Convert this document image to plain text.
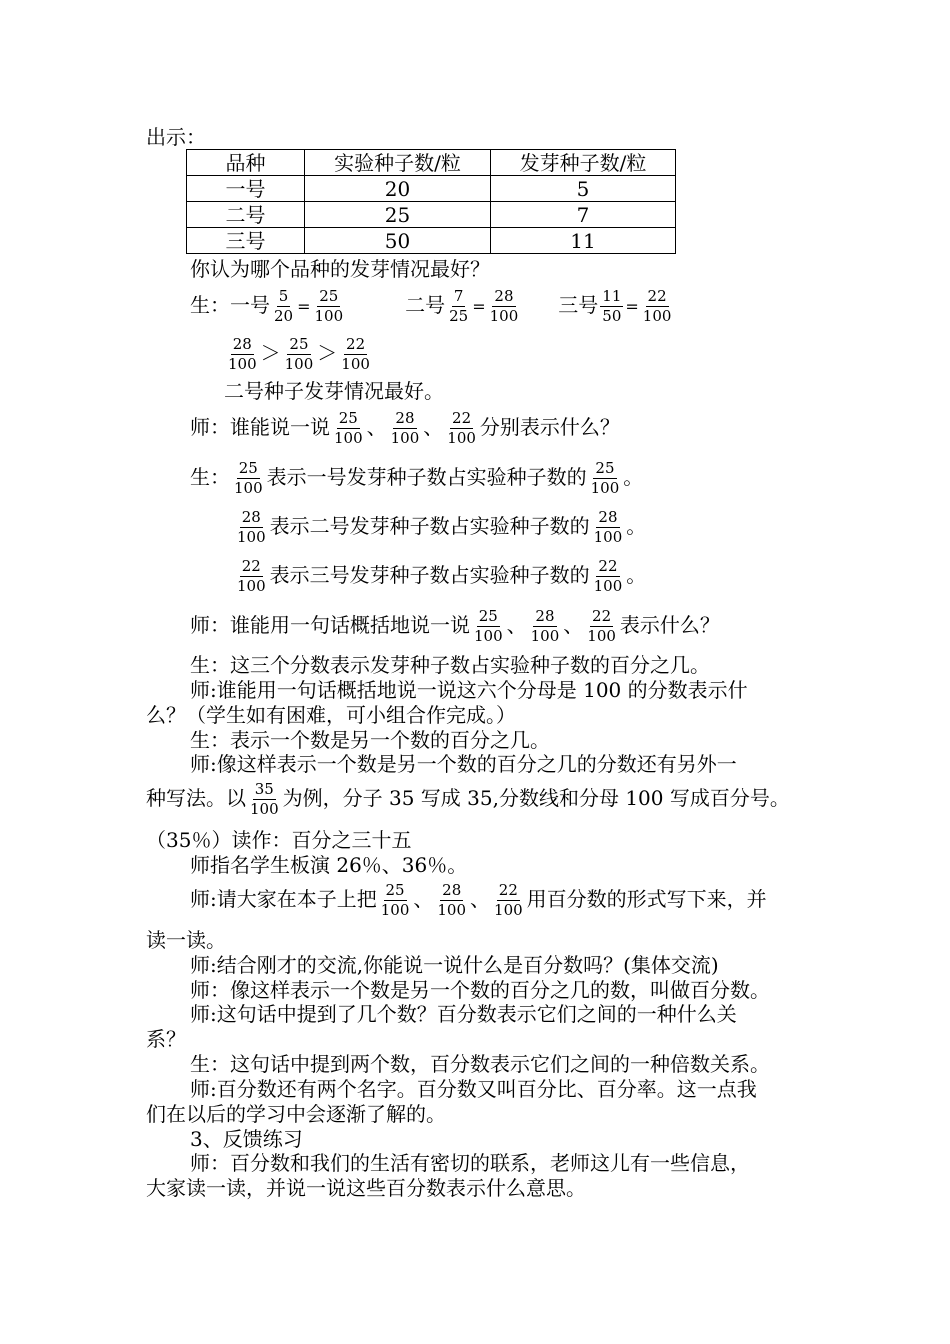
出示：
品种	实验种子数/粒	发芽种子数/粒
一号	20	5
二号	25	7
三号	50	11
你认为哪个品种的发芽情况最好？
生：一号 $\frac{5}{20} = \frac{25}{100}$	二号 $\frac{7}{25} = \frac{28}{100}$ 三号 $\frac{11}{50} = \frac{22}{100}$
$\frac{28}{100} > \frac{25}{100} > \frac{22}{100}$
二号种子发芽情况最好。
师：谁能说一说 $\frac{25}{100}$ 、 $\frac{28}{100}$ 、 $\frac{22}{100}$ 分别表示什么？
生： $\frac{25}{100}$ 表示一号发芽种子数占实验种子数的 $\frac{25}{100}$ 。
$\frac{28}{100}$ 表示二号发芽种子数占实验种子数的 $\frac{28}{100}$ 。
$\frac{22}{100}$ 表示三号发芽种子数占实验种子数的 $\frac{22}{100}$ 。
师：谁能用一句话概括地说一说 $\frac{25}{100}$ 、 $\frac{28}{100}$ 、 $\frac{22}{100}$ 表示什么？
生：这三个分数表示发芽种子数占实验种子数的百分之几。
师:谁能用一句话概括地说一说这六个分母是 100 的分数表示什
么？（学生如有困难，可小组合作完成。）
生：表示一个数是另一个数的百分之几。
师:像这样表示一个数是另一个数的百分之几的分数还有另外一
种写法。以 $\frac{35}{100}$ 为例，分子 35 写成 35,分数线和分母 100 写成百分号。
（35％）读作：百分之三十五
师指名学生板演 26％、36％。
师:请大家在本子上把 $\frac{25}{100}$ 、 $\frac{28}{100}$ 、 $\frac{22}{100}$ 用百分数的形式写下来，并
读一读。
师:结合刚才的交流,你能说一说什么是百分数吗？(集体交流)
师：像这样表示一个数是另一个数的百分之几的数，叫做百分数。
师:这句话中提到了几个数？百分数表示它们之间的一种什么关
系？
生：这句话中提到两个数，百分数表示它们之间的一种倍数关系。
师:百分数还有两个名字。百分数又叫百分比、百分率。这一点我
们在以后的学习中会逐渐了解的。
3、反馈练习
师：百分数和我们的生活有密切的联系，老师这儿有一些信息，
大家读一读，并说一说这些百分数表示什么意思。
